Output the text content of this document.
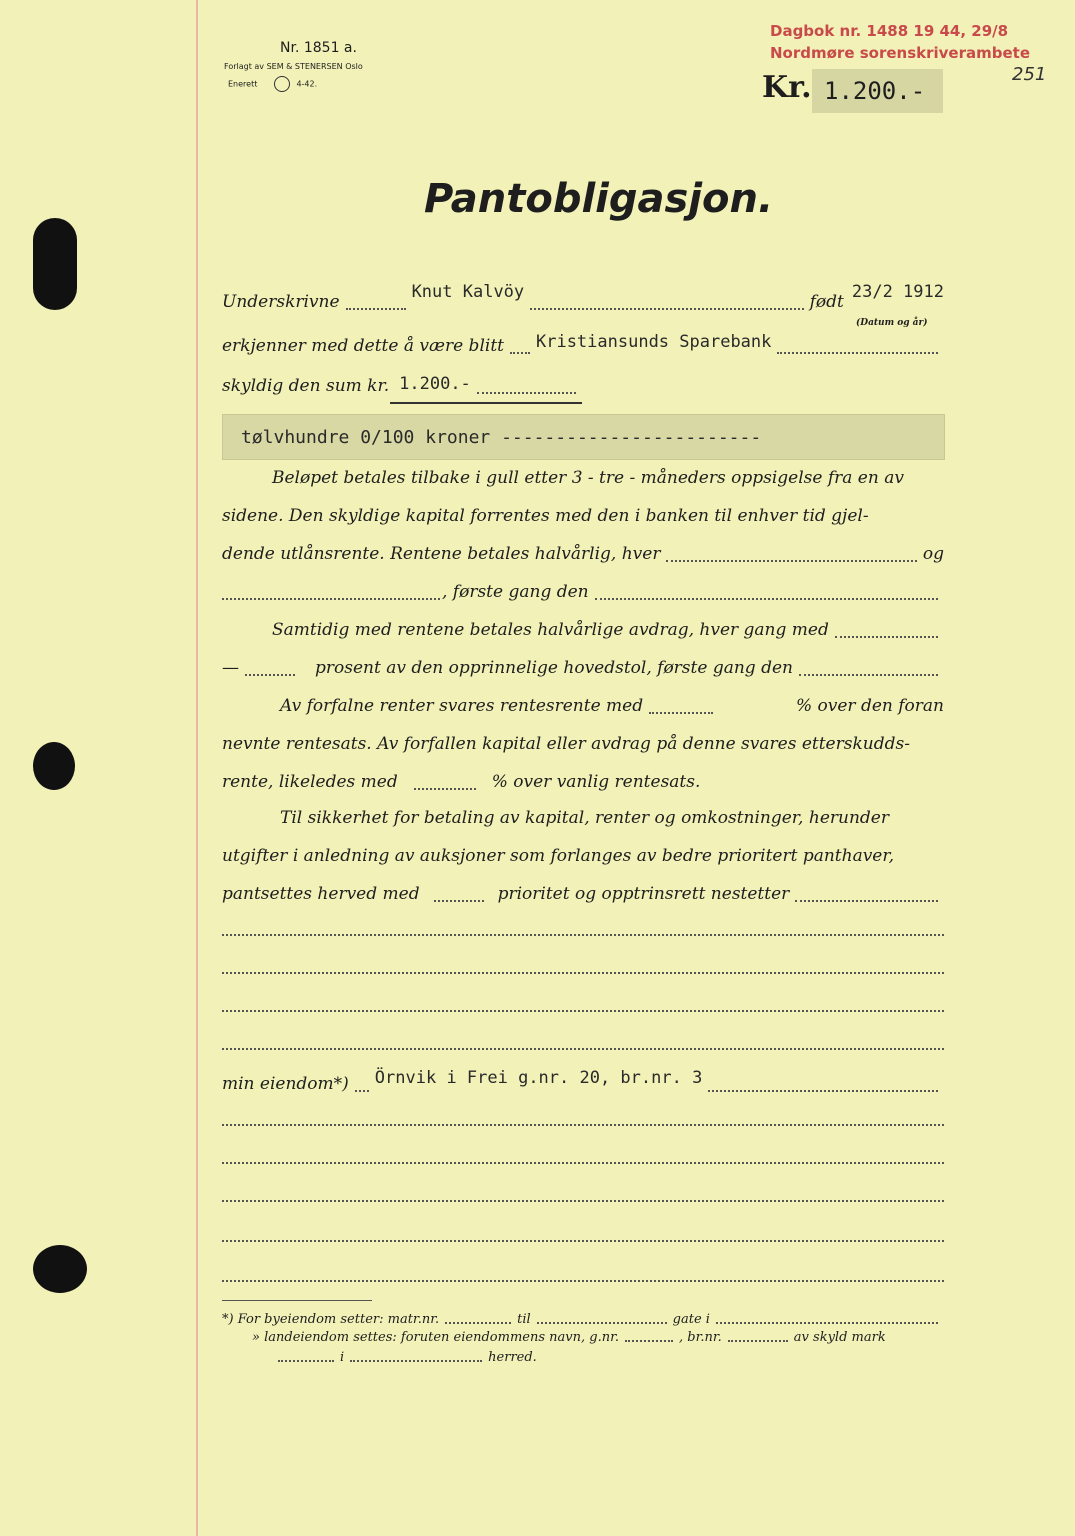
Nr. 1851 a.
Forlagt av SEM & STENERSEN Oslo
Enerett	4-42.
Dagbok nr. 1488 19 44, 29/8
Nordmøre sorenskriverambete
251
Kr. 1.200.-
Pantobligasjon.
Underskrivne	Knut Kalvöy	født 23/2 1912
(Datum og år)
erkjenner med dette å være blitt Kristiansunds Sparebank
skyldig den sum kr. 1.200.-
tølvhundre 0/100 kroner ------------------------
Beløpet betales tilbake i gull etter 3 - tre - måneders oppsigelse fra en av
sidene. Den skyldige kapital forrentes med den i banken til enhver tid gjel-
dende utlånsrente. Rentene betales halvårlig, hver	og
, første gang den
Samtidig med rentene betales halvårlige avdrag, hver gang med
—	prosent av den opprinnelige hovedstol, første gang den
Av forfalne renter svares rentesrente med	% over den foran
nevnte rentesats. Av forfallen kapital eller avdrag på denne svares etterskudds-
rente, likeledes med	% over vanlig rentesats.
Til sikkerhet for betaling av kapital, renter og omkostninger, herunder
utgifter i anledning av auksjoner som forlanges av bedre prioritert panthaver,
pantsettes herved med	prioritet og opptrinsrett nestetter
min eiendom*) Örnvik i Frei g.nr. 20, br.nr. 3
*) For byeiendom setter: matr.nr.	til	gate i
» landeiendom settes: foruten eiendommens navn, g.nr.	, br.nr.	av skyld mark
i	herred.
